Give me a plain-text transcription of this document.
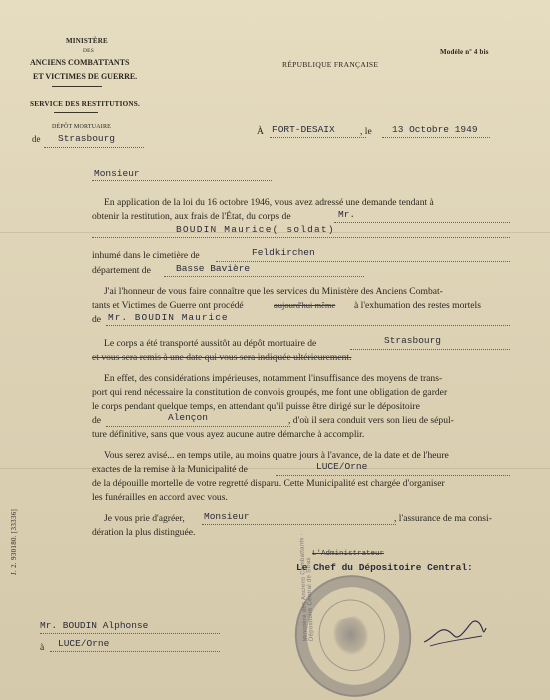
MINISTÈRE
DES
ANCIENS COMBATTANTS
ET VICTIMES DE GUERRE.
SERVICE DES RESTITUTIONS.
DÉPÔT MORTUAIRE
de Strasbourg
RÉPUBLIQUE FRANÇAISE
Modèle nº 4 bis
À FORT-DESAIX	, le 13 Octobre 1949
Monsieur
En application de la loi du 16 octobre 1946, vous avez adressé une demande tendant à
obtenir la restitution, aux frais de l'État, du corps de	Mr.
BOUDIN Maurice( soldat)
inhumé dans le cimetière de	Feldkirchen
département de	Basse Bavière
J'ai l'honneur de vous faire connaître que les services du Ministère des Anciens Combat-
tants et Victimes de Guerre ont procédé	aujourd'hui même à l'exhumation des restes mortels
de Mr. BOUDIN Maurice
Le corps a été transporté aussitôt au dépôt mortuaire de	Strasbourg
et vous sera remis à une date qui vous sera indiquée ultérieurement.
En effet, des considérations impérieuses, notamment l'insuffisance des moyens de trans-
port qui rend nécessaire la constitution de convois groupés, me font une obligation de garder
le corps pendant quelque temps, en attendant qu'il puisse être dirigé sur le dépositoire
de	Alençon	, d'où il sera conduit vers son lieu de sépul-
ture définitive, sans que vous ayez aucune autre démarche à accomplir.
Vous serez avisé... en temps utile, au moins quatre jours à l'avance, de la date et de l'heure
exactes de la remise à la Municipalité de	LUCE/Orne
de la dépouille mortelle de votre regretté disparu. Cette Municipalité est chargée d'organiser
les funérailles en accord avec vous.
Je vous prie d'agréer, Monsieur	, l'assurance de ma consi-
dération la plus distinguée.
L'Administrateur
Le Chef du Dépositoire Central:
Ministère des Anciens Combattants · Dépositoire Central de Stras
Mr. BOUDIN Alphonse
à LUCE/Orne
J. 2. 930180. [33336]
